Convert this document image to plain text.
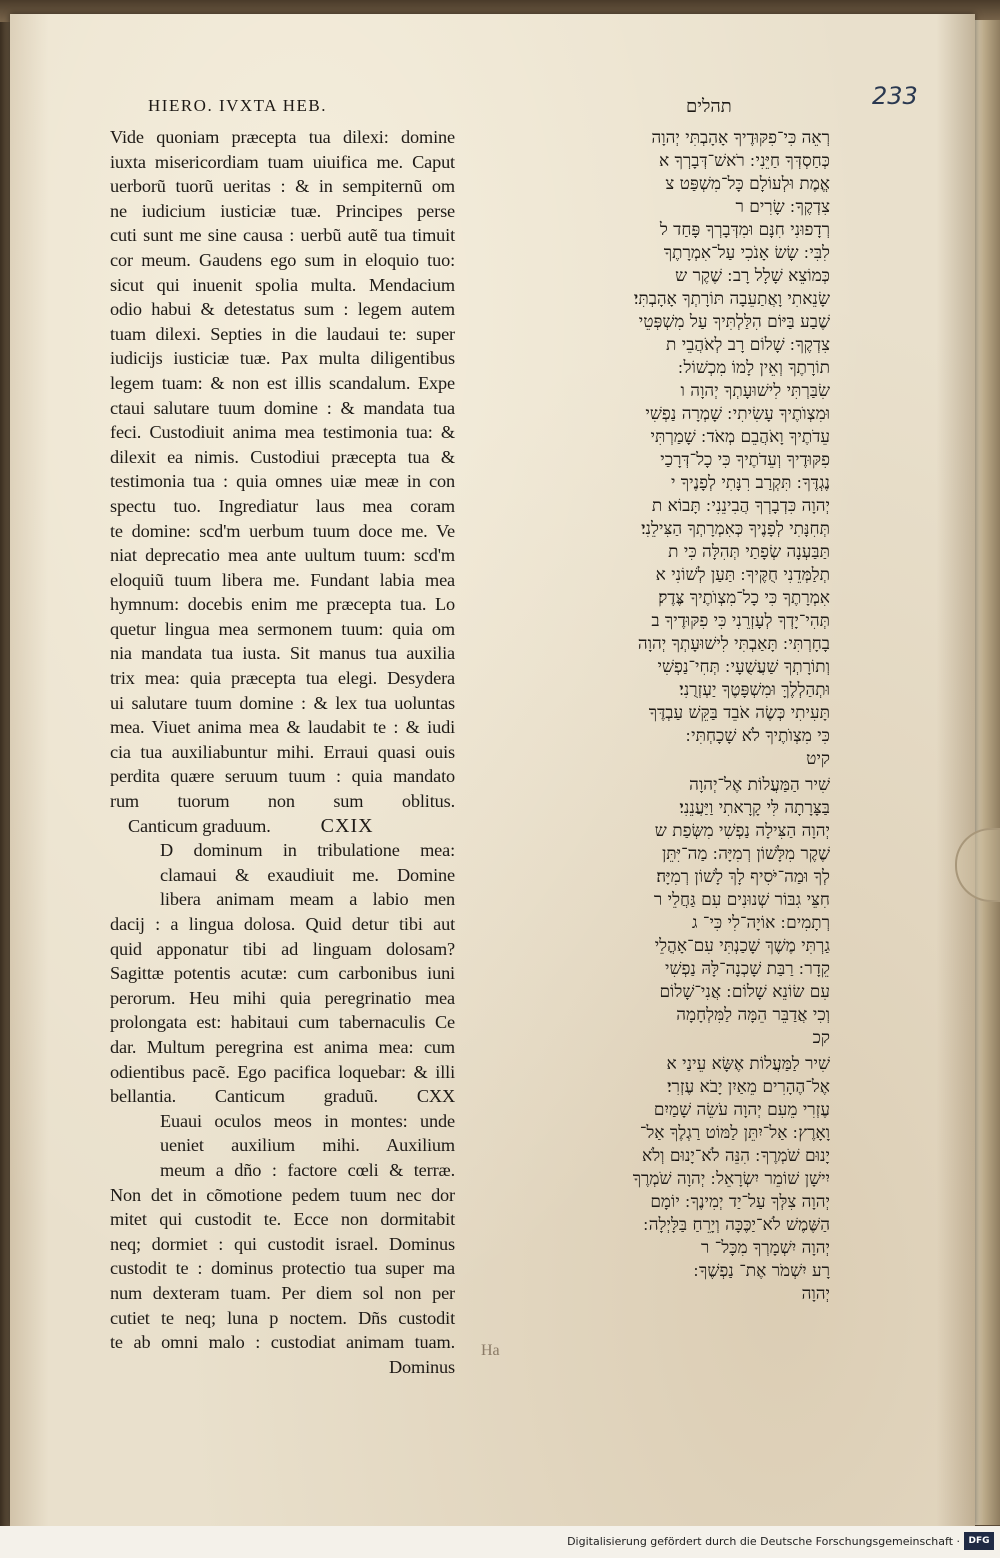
HIERO. IVXTA HEB.	תהלים	233
Vide quoniam præcepta tua dilexi: domine
iuxta misericordiam tuam uiuifica me. Caput
uerborũ tuorũ ueritas : & in sempiternũ om
ne iudicium iusticiæ tuæ. Principes perse
cuti sunt me sine causa : uerbũ autẽ tua timuit
cor meum. Gaudens ego sum in eloquio tuo:
sicut qui inuenit spolia multa. Mendacium
odio habui & detestatus sum : legem autem
tuam dilexi. Septies in die laudaui te: super
iudicijs iusticiæ tuæ. Pax multa diligentibus
legem tuam: & non est illis scandalum. Expe
ctaui salutare tuum domine : & mandata tua
feci. Custodiuit anima mea testimonia tua: &
dilexit ea nimis. Custodiui præcepta tua &
testimonia tua : quia omnes uiæ meæ in con
spectu tuo. Ingrediatur laus mea coram
te domine: scd'm uerbum tuum doce me. Ve
niat deprecatio mea ante uultum tuum: scd'm
eloquiũ tuum libera me. Fundant labia mea
hymnum: docebis enim me præcepta tua. Lo
quetur lingua mea sermonem tuum: quia om
nia mandata tua iusta. Sit manus tua auxilia
trix mea: quia præcepta tua elegi. Desydera
ui salutare tuum domine : & lex tua uoluntas
mea. Viuet anima mea & laudabit te : & iudi
cia tua auxiliabuntur mihi. Erraui quasi ouis
perdita quære seruum tuum : quia mandato
rum tuorum non sum oblitus.
Canticum graduum.	CXIX
D dominum in tribulatione mea:
clamaui & exaudiuit me. Domine
libera animam meam a labio men
dacij : a lingua dolosa. Quid detur tibi aut
quid apponatur tibi ad linguam dolosam?
Sagittæ potentis acutæ: cum carbonibus iuni
perorum. Heu mihi quia peregrinatio mea
prolongata est: habitaui cum tabernaculis Ce
dar. Multum peregrina est anima mea: cum
odientibus pacẽ. Ego pacifica loquebar: & illi
bellantia. Canticum graduũ. CXX
Euaui oculos meos in montes: unde
ueniet auxilium mihi. Auxilium
meum a dño : factore cœli & terræ.
Non det in cõmotione pedem tuum nec dor
mitet qui custodit te. Ecce non dormitabit
neq; dormiet : qui custodit israel. Dominus
custodit te : dominus protectio tua super ma
num dexteram tuam. Per diem sol non per
cutiet te neq; luna p noctem. Dñs custodit
te ab omni malo : custodiat animam tuam.
Dominus
רְאֵה כִּי־פִקּוּדֶיךָ אָהָבְתִּי יְהוָה
כְּחַסְדְּךָ חַיֵּנִי ׃ רֹאשׁ־דְּבָרְךָ א
אֱמֶת וּלְעוֹלָם כָּל־מִשְׁפַּט צ
צִדְקֶךָ ׃ שָׂרִים ר
רְדָפוּנִי חִנָּם וּמִדְּבָרְךָ פָּחַד ל
לִבִּי ׃ שָׂשׂ אָנֹכִי עַל־אִמְרָתֶךָ
כְּמוֹצֵא שָׁלָל רָב ׃ שֶׁקֶר ש
שָׂנֵאתִי וָאֲתַעֵבָה תּוֹרָתְךָ אָהָבְתִּי׃
שֶׁבַע בַּיּוֹם הִלַּלְתִּיךָ עַל מִשְׁפְּטֵי
צִדְקֶךָ ׃ שָׁלוֹם רָב לְאֹהֲבֵי ת
תוֹרָתֶךָ וְאֵין לָמוֹ מִכְשׁוֹל ׃
שִׂבַּרְתִּי לִישׁוּעָתְךָ יְהוָה ו
וּמִצְוֺתֶיךָ עָשִׂיתִי ׃ שָׁמְרָה נַפְשִׁי
עֵדֹתֶיךָ וָאֹהֲבֵם מְאֹד ׃ שָׁמַרְתִּי
פִקּוּדֶיךָ וְעֵדֹתֶיךָ כִּי כָל־דְּרָכַי
נֶגְדֶּךָ ׃ תִּקְרַב רִנָּתִי לְפָנֶיךָ י
יְהוָה כִּדְבָרְךָ הֲבִינֵנִי ׃ תָּבוֹא ת
תְּחִנָּתִי לְפָנֶיךָ כְּאִמְרָתְךָ הַצִּילֵנִי׃
תַּבַּעְנָה שְׂפָתַי תְּהִלָּה כִּי ת
תְלַמְּדֵנִי חֻקֶּיךָ ׃ תַּעַן לְשׁוֹנִי א
אִמְרָתֶךָ כִּי כָל־מִצְוֺתֶיךָ צֶּדֶק׃
תְּהִי־יָדְךָ לְעָזְרֵנִי כִּי פִקּוּדֶיךָ ב
בָחָרְתִּי ׃ תָּאַבְתִּי לִישׁוּעָתְךָ יְהוָה
וְתוֹרָתְךָ שַׁעֲשֻׁעָי ׃ תְּחִי־נַפְשִׁי
וּתְהַלְלֶךָּ וּמִשְׁפָּטֶךָ יַעְזְרֻנִי׃
תָּעִיתִי כְּשֶׂה אֹבֵד בַּקֵּשׁ עַבְדֶּךָ
כִּי מִצְוֺתֶיךָ לֹא שָׁכָחְתִּי ׃
קיט
שִׁיר הַמַּעֲלוֹת אֶל־יְהוָה
בַּצָּרָתָה לִּי קָרָאתִי וַיַּעֲנֵנִי׃
יְהוָה הַצִּילָה נַפְשִׁי מִשְּׂפַת ש
שֶׁקֶר מִלָּשׁוֹן רְמִיָּה ׃ מַה־יִּתֵּן
לְךָ וּמַה־יֹּסִיף לָךְ לָשׁוֹן רְמִיָּה׃
חִצֵּי גִבּוֹר שְׁנוּנִים עִם גַּחֲלֵי ר
רְתָמִים ׃ אוֹיָה־לִי כִּי־ ג
גַרְתִּי מֶשֶׁךְ שָׁכַנְתִּי עִם־אָהֳלֵי
קֵדָר ׃ רַבַּת שָׁכְנָה־לָּהּ נַפְשִׁי
עִם שׂוֹנֵא שָׁלוֹם ׃ אֲנִי־שָׁלוֹם
וְכִי אֲדַבֵּר הֵמָּה לַמִּלְחָמָה
קכ
שִׁיר לַמַּעֲלוֹת אֶשָּׂא עֵינַי א
אֶל־הֶהָרִים מֵאַיִן יָבֹא עֶזְרִי׃
עֶזְרִי מֵעִם יְהוָה עֹשֵׂה שָׁמַיִם
וָאָרֶץ ׃ אַל־יִתֵּן לַמּוֹט רַגְלֶךָ אַל־
יָנוּם שֹׁמְרֶךָ ׃ הִנֵּה לֹא־יָנוּם וְלֹא
יִישָׁן שׁוֹמֵר יִשְׂרָאֵל ׃ יְהוָה שֹׁמְרֶךָ
יְהוָה צִלְּךָ עַל־יַד יְמִינֶךָ ׃ יוֹמָם
הַשֶּׁמֶשׁ לֹא־יַכֶּכָּה וְיָרֵחַ בַּלָּיְלָה ׃
יְהוָה יִשְׁמָרְךָ מִכָּל־ ר
רָע יִשְׁמֹר אֶת־ נַפְשֶׁךָ ׃
יְהוָה
Ha
Digitalisierung gefördert durch die Deutsche Forschungsgemeinschaft · DFG
